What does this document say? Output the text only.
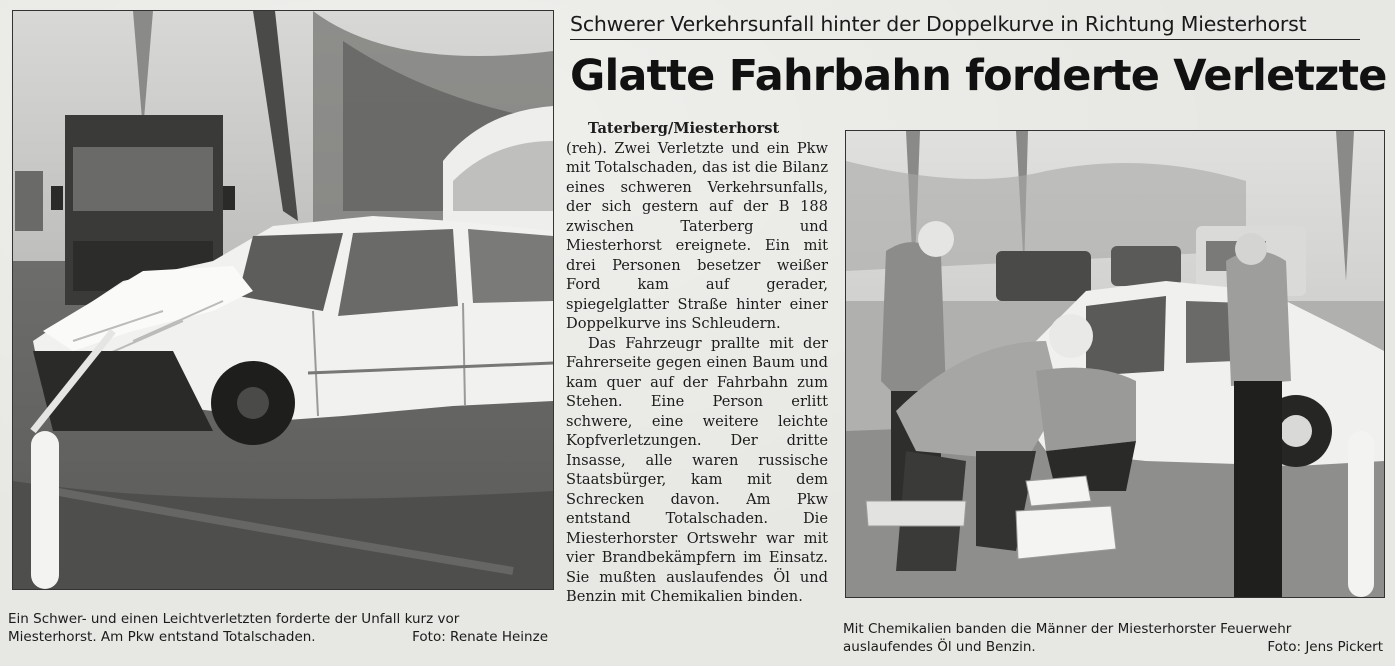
Ein Schwer- und einen Leichtverletzten forderte der Unfall kurz vor
Miesterhorst. Am Pkw entstand Totalschaden.	Foto: Renate Heinze	Mit Chemikalien banden die Männer der Miesterhorster Feuerwehr
auslaufendes Öl und Benzin.	Foto: Jens Pickert
Schwerer Verkehrsunfall hinter der Doppelkurve in Richtung Miesterhorst
Glatte Fahrbahn forderte Verletzte

Taterberg/Miesterhorst

(reh). Zwei Verletzte und ein Pkw mit Totalschaden, das ist die Bilanz eines schweren Verkehrsunfalls, der sich gestern auf der B 188 zwischen Taterberg und Miesterhorst ereignete. Ein mit drei Personen besetzer weißer Ford kam auf gerader, spiegelglatter Straße hinter einer Doppelkurve ins Schleudern.

Das Fahrzeugr prallte mit der Fahrerseite gegen einen Baum und kam quer auf der Fahrbahn zum Stehen. Eine Person erlitt schwere, eine weitere leichte Kopfverletzungen. Der dritte Insasse, alle waren russische Staatsbürger, kam mit dem Schrecken davon. Am Pkw entstand Totalschaden. Die Miesterhorster Ortswehr war mit vier Brandbekämpfern im Einsatz. Sie mußten auslaufendes Öl und Benzin mit Chemikalien binden.
